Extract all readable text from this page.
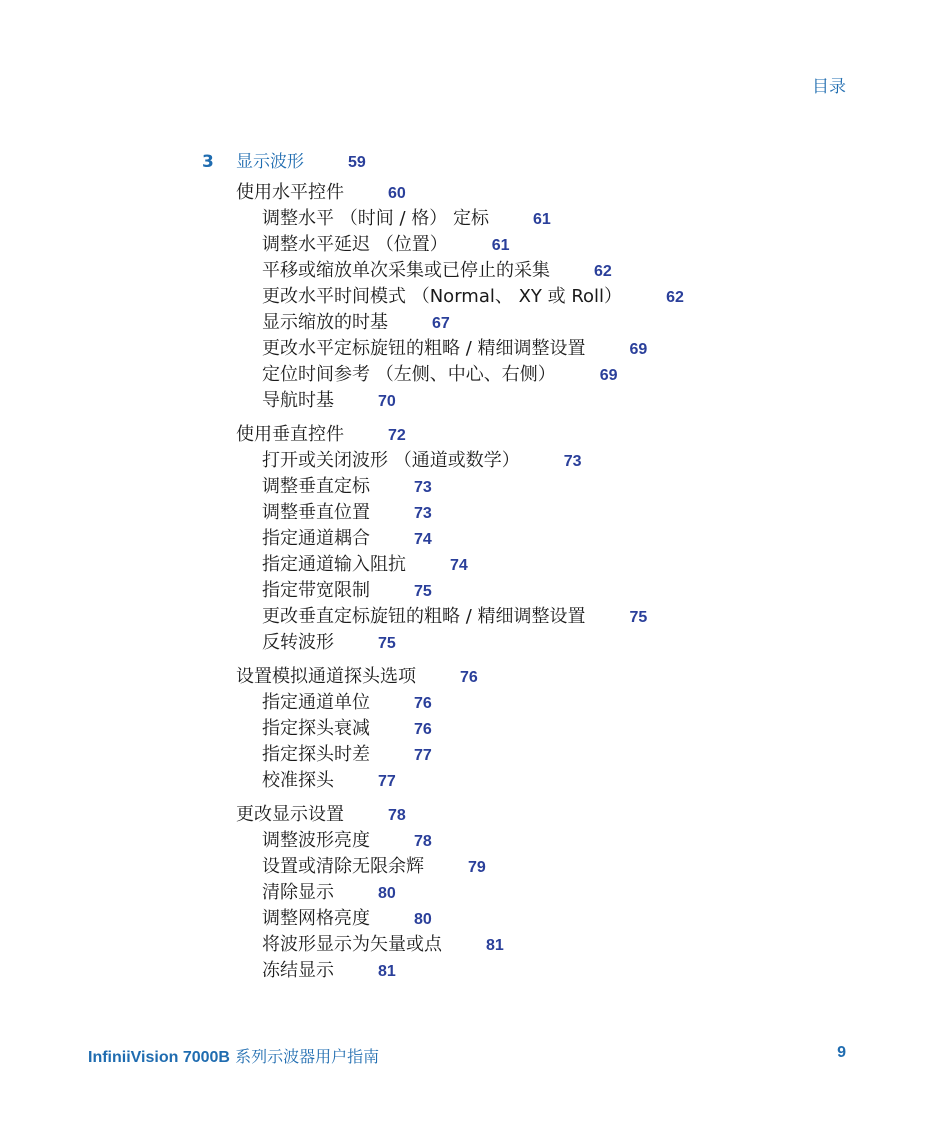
目录
3 显示波形	59
使用水平控件	60
调整水平 （时间 / 格） 定标	61
调整水平延迟 （位置）	61
平移或缩放单次采集或已停止的采集	62
更改水平时间模式 （Normal、 XY 或 Roll）	62
显示缩放的时基	67
更改水平定标旋钮的粗略 / 精细调整设置	69
定位时间参考 （左侧、中心、右侧）	69
导航时基	70
使用垂直控件	72
打开或关闭波形 （通道或数学）	73
调整垂直定标	73
调整垂直位置	73
指定通道耦合	74
指定通道输入阻抗	74
指定带宽限制	75
更改垂直定标旋钮的粗略 / 精细调整设置	75
反转波形	75
设置模拟通道探头选项	76
指定通道单位	76
指定探头衰减	76
指定探头时差	77
校准探头	77
更改显示设置	78
调整波形亮度	78
设置或清除无限余辉	79
清除显示	80
调整网格亮度	80
将波形显示为矢量或点	81
冻结显示	81
InfiniiVision 7000B 系列示波器用户指南	9
